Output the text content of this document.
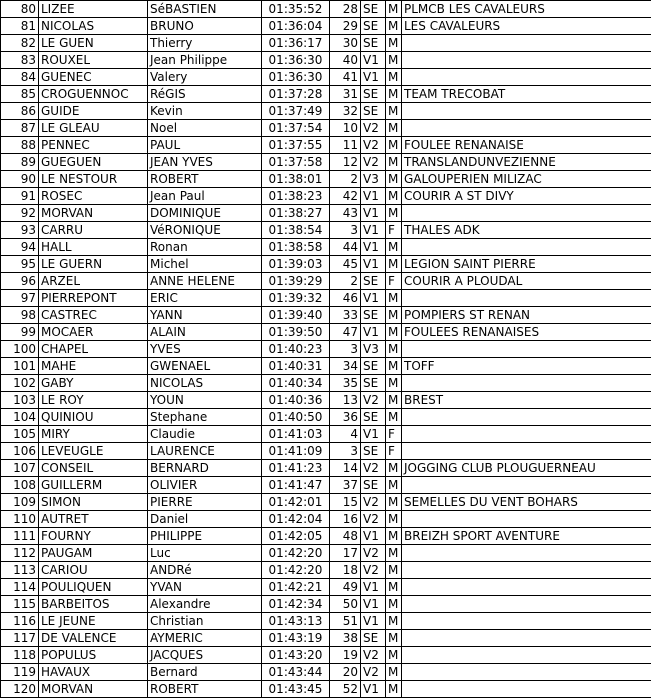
80	LIZEE	SéBASTIEN	01:35:52	28	SE	M	PLMCB LES CAVALEURS
81	NICOLAS	BRUNO	01:36:04	29	SE	M	LES CAVALEURS
82	LE GUEN	Thierry	01:36:17	30	SE	M	
83	ROUXEL	Jean Philippe	01:36:30	40	V1	M	
84	GUENEC	Valery	01:36:30	41	V1	M	
85	CROGUENNOC	RéGIS	01:37:28	31	SE	M	TEAM TRECOBAT
86	GUIDE	Kevin	01:37:49	32	SE	M	
87	LE GLEAU	Noel	01:37:54	10	V2	M	
88	PENNEC	PAUL	01:37:55	11	V2	M	FOULEE RENANAISE
89	GUEGUEN	JEAN YVES	01:37:58	12	V2	M	TRANSLANDUNVEZIENNE
90	LE NESTOUR	ROBERT	01:38:01	2	V3	M	GALOUPERIEN MILIZAC
91	ROSEC	Jean Paul	01:38:23	42	V1	M	COURIR A ST DIVY
92	MORVAN	DOMINIQUE	01:38:27	43	V1	M	
93	CARRU	VéRONIQUE	01:38:54	3	V1	F	THALES ADK
94	HALL	Ronan	01:38:58	44	V1	M	
95	LE GUERN	Michel	01:39:03	45	V1	M	LEGION SAINT PIERRE
96	ARZEL	ANNE HELENE	01:39:29	2	SE	F	COURIR A PLOUDAL
97	PIERREPONT	ERIC	01:39:32	46	V1	M	
98	CASTREC	YANN	01:39:40	33	SE	M	POMPIERS ST RENAN
99	MOCAER	ALAIN	01:39:50	47	V1	M	FOULEES RENANAISES
100	CHAPEL	YVES	01:40:23	3	V3	M	
101	MAHE	GWENAEL	01:40:31	34	SE	M	TOFF
102	GABY	NICOLAS	01:40:34	35	SE	M	
103	LE ROY	YOUN	01:40:36	13	V2	M	BREST
104	QUINIOU	Stephane	01:40:50	36	SE	M	
105	MIRY	Claudie	01:41:03	4	V1	F	
106	LEVEUGLE	LAURENCE	01:41:09	3	SE	F	
107	CONSEIL	BERNARD	01:41:23	14	V2	M	JOGGING CLUB PLOUGUERNEAU
108	GUILLERM	OLIVIER	01:41:47	37	SE	M	
109	SIMON	PIERRE	01:42:01	15	V2	M	SEMELLES DU VENT BOHARS
110	AUTRET	Daniel	01:42:04	16	V2	M	
111	FOURNY	PHILIPPE	01:42:05	48	V1	M	BREIZH SPORT AVENTURE
112	PAUGAM	Luc	01:42:20	17	V2	M	
113	CARIOU	ANDRé	01:42:20	18	V2	M	
114	POULIQUEN	YVAN	01:42:21	49	V1	M	
115	BARBEITOS	Alexandre	01:42:34	50	V1	M	
116	LE JEUNE	Christian	01:43:13	51	V1	M	
117	DE VALENCE	AYMERIC	01:43:19	38	SE	M	
118	POPULUS	JACQUES	01:43:20	19	V2	M	
119	HAVAUX	Bernard	01:43:44	20	V2	M	
120	MORVAN	ROBERT	01:43:45	52	V1	M	
